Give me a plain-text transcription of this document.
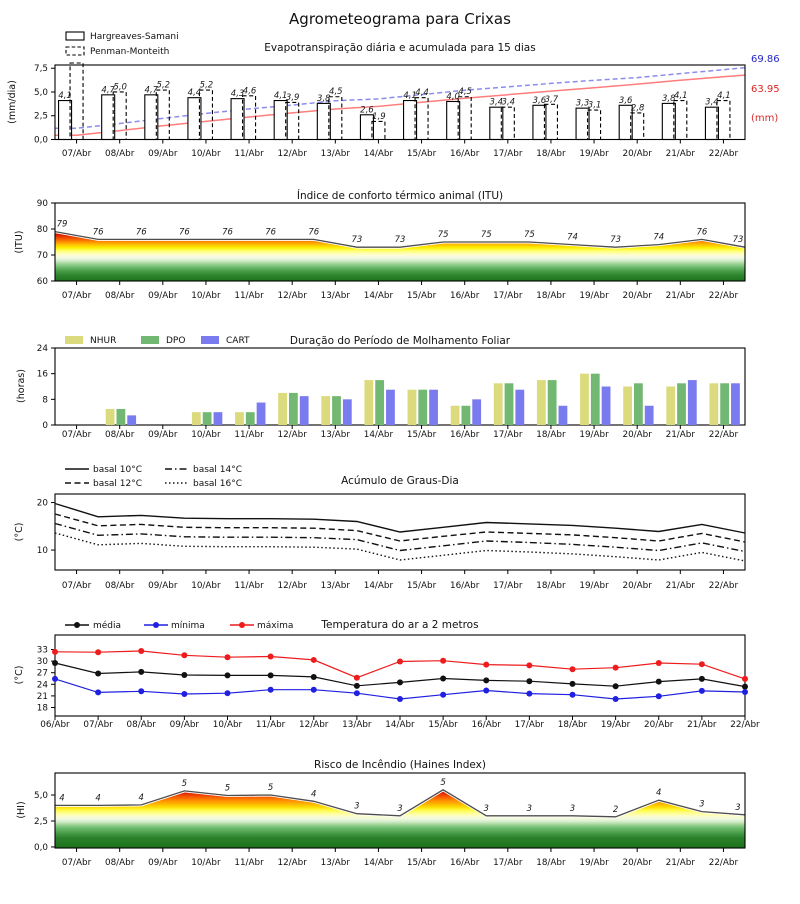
Agrometeograma para Crixas
Evapotranspiração diária e acumulada para 15 dias
(mm/dia)
69.86
63.95
(mm)
4,1
4,7
5,0 4,7
5,2
4,4
5,2
4,3
4,6 4,1
3,9 3,8
4,5
2,6
1,9
4,1
4,4 4,0
4,5
3,4
3,4 3,6
3,7 3,3
3,1 3,6
2,8
3,8
4,1
3,4
4,1
0,0
2,5
5,0
7,5
07/Abr 08/Abr 09/Abr 10/Abr 11/Abr 12/Abr 13/Abr 14/Abr 15/Abr 16/Abr 17/Abr 18/Abr 19/Abr 20/Abr 21/Abr 22/Abr
Hargreaves-Samani
Penman-Monteith
Índice de conforto térmico animal (ITU)
(ITU)
79
76	76	76	76	76	76
73	73
75	75	75	74	73	74
76
73
60
70
80
90
07/Abr 08/Abr 09/Abr 10/Abr 11/Abr 12/Abr 13/Abr 14/Abr 15/Abr 16/Abr 17/Abr 18/Abr 19/Abr 20/Abr 21/Abr 22/Abr
Duração do Período de Molhamento Foliar
(horas)
0
8
16
24
07/Abr 08/Abr 09/Abr 10/Abr 11/Abr 12/Abr 13/Abr 14/Abr 15/Abr 16/Abr 17/Abr 18/Abr 19/Abr 20/Abr 21/Abr 22/Abr
NHUR	DPO	CART
Acúmulo de Graus-Dia
(°C)
10
20
07/Abr 08/Abr 09/Abr 10/Abr 11/Abr 12/Abr 13/Abr 14/Abr 15/Abr 16/Abr 17/Abr 18/Abr 19/Abr 20/Abr 21/Abr 22/Abr
basal 10°C
basal 12°C
basal 14°C
basal 16°C
Temperatura do ar a 2 metros
(°C)
18
21
24
27
30
33
06/Abr 07/Abr 08/Abr 09/Abr 10/Abr 11/Abr 12/Abr 13/Abr 14/Abr 15/Abr 16/Abr 17/Abr 18/Abr 19/Abr 20/Abr 21/Abr 22/Abr
média	mínima	máxima
Risco de Incêndio (Haines Index)
(HI)
4	4	4
5	5	5
4
3	3
5
3	3	3	2
4
3	3
0,0
2,5
5,0
07/Abr 08/Abr 09/Abr 10/Abr 11/Abr 12/Abr 13/Abr 14/Abr 15/Abr 16/Abr 17/Abr 18/Abr 19/Abr 20/Abr 21/Abr 22/Abr
